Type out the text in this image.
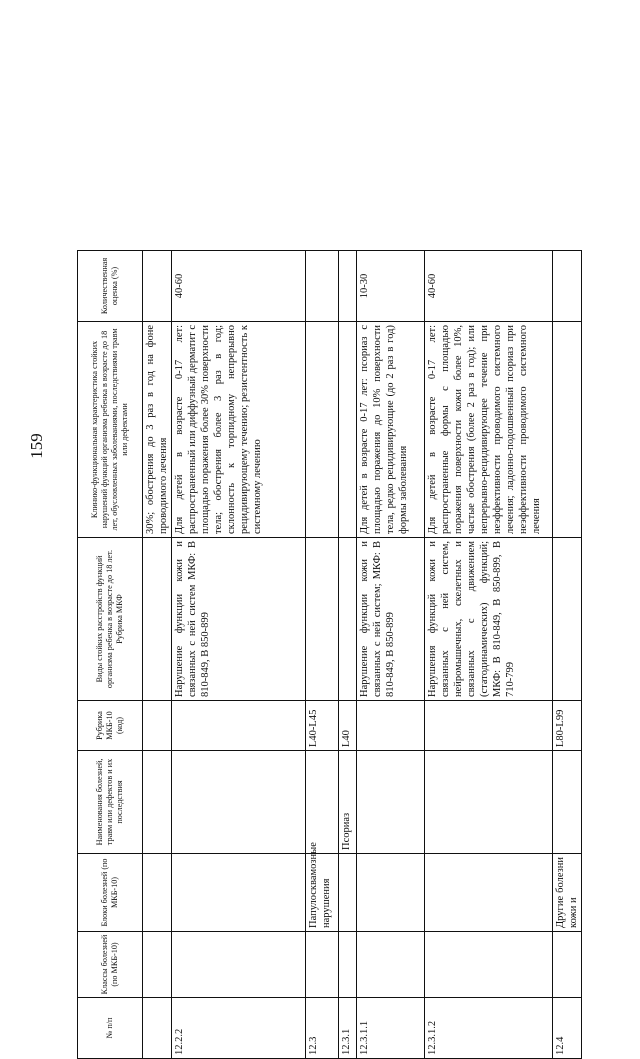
159
№ п/п	Классы болезней (по МКБ-10)	Блоки болезней (по МКБ-10)	Наименования болезней, травм или дефектов и их последствия	Рубрика МКБ-10 (код)	Виды стойких расстройств функций организма ребенка в возрасте до 18 лет. Рубрика МКФ	Клинико-функциональная характеристика стойких нарушений функций организма ребенка в возрасте до 18 лет, обусловленных заболеваниями, последствиями травм или дефектами	Количественная оценка (%)
						30%; обострения до 3 раз в год на фоне проводимого лечения	
12.2.2					Нарушение функции кожи и связанных с ней систем МКФ: В 810-849, В 850-899	Для детей в возрасте 0-17 лет: распространенный или диффузный дерматит с площадью поражения более 30% поверхности тела; обострения более 3 раз в год; склонность к торпидному непрерывно рецидивирующему течению; резистентность к системному лечению	40-60
12.3		Папулосквамозные нарушения		L40-L45			
12.3.1			Псориаз	L40			
12.3.1.1					Нарушение функции кожи и связанных с ней систем; МКФ: В 810-849, В 850-899	Для детей в возрасте 0-17 лет: псориаз с площадью поражения до 10% поверхности тела, редко рецидивирующие (до 2 раз в год) формы заболевания	10-30
12.3.1.2					Нарушения функций кожи и связанных с ней систем, нейромышечных, скелетных и связанных с движением (статодинамических) функций; МКФ: В 810-849, В 850-899, В 710-799	Для детей в возрасте 0-17 лет: распространенные формы с площадью поражения поверхности кожи более 10%, частые обострения (более 2 раз в год); или непрерывно-рецидивирующее течение при неэффективности проводимого системного лечения; ладонно-подошвенный псориаз при неэффективности проводимого системного лечения	40-60
12.4		Другие болезни кожи и		L80-L99			
